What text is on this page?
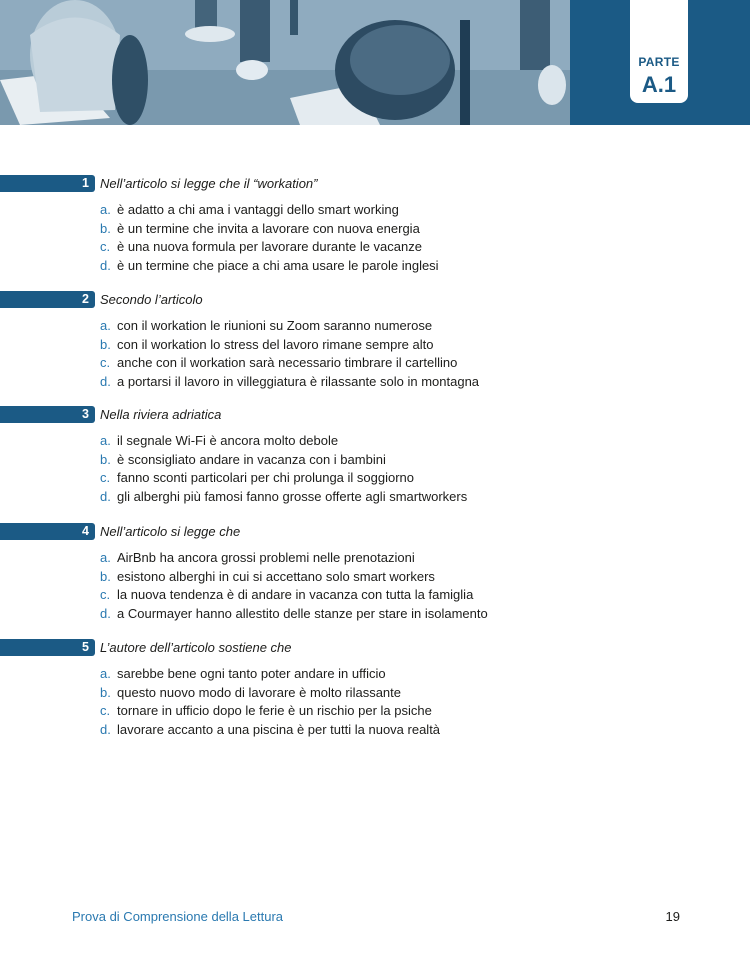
PARTE
A.1
1 Nell’articolo si legge che il “workation”
a. è adatto a chi ama i vantaggi dello smart working
b. è un termine che invita a lavorare con nuova energia
c. è una nuova formula per lavorare durante le vacanze
d. è un termine che piace a chi ama usare le parole inglesi
2 Secondo l’articolo
a. con il workation le riunioni su Zoom saranno numerose
b. con il workation lo stress del lavoro rimane sempre alto
c. anche con il workation sarà necessario timbrare il cartellino
d. a portarsi il lavoro in villeggiatura è rilassante solo in montagna
3 Nella riviera adriatica
a. il segnale Wi-Fi è ancora molto debole
b. è sconsigliato andare in vacanza con i bambini
c. fanno sconti particolari per chi prolunga il soggiorno
d. gli alberghi più famosi fanno grosse offerte agli smartworkers
4 Nell’articolo si legge che
a. AirBnb ha ancora grossi problemi nelle prenotazioni
b. esistono alberghi in cui si accettano solo smart workers
c. la nuova tendenza è di andare in vacanza con tutta la famiglia
d. a Courmayer hanno allestito delle stanze per stare in isolamento
5 L’autore dell’articolo sostiene che
a. sarebbe bene ogni tanto poter andare in ufficio
b. questo nuovo modo di lavorare è molto rilassante
c. tornare in ufficio dopo le ferie è un rischio per la psiche
d. lavorare accanto a una piscina è per tutti la nuova realtà
Prova di Comprensione della Lettura	19
